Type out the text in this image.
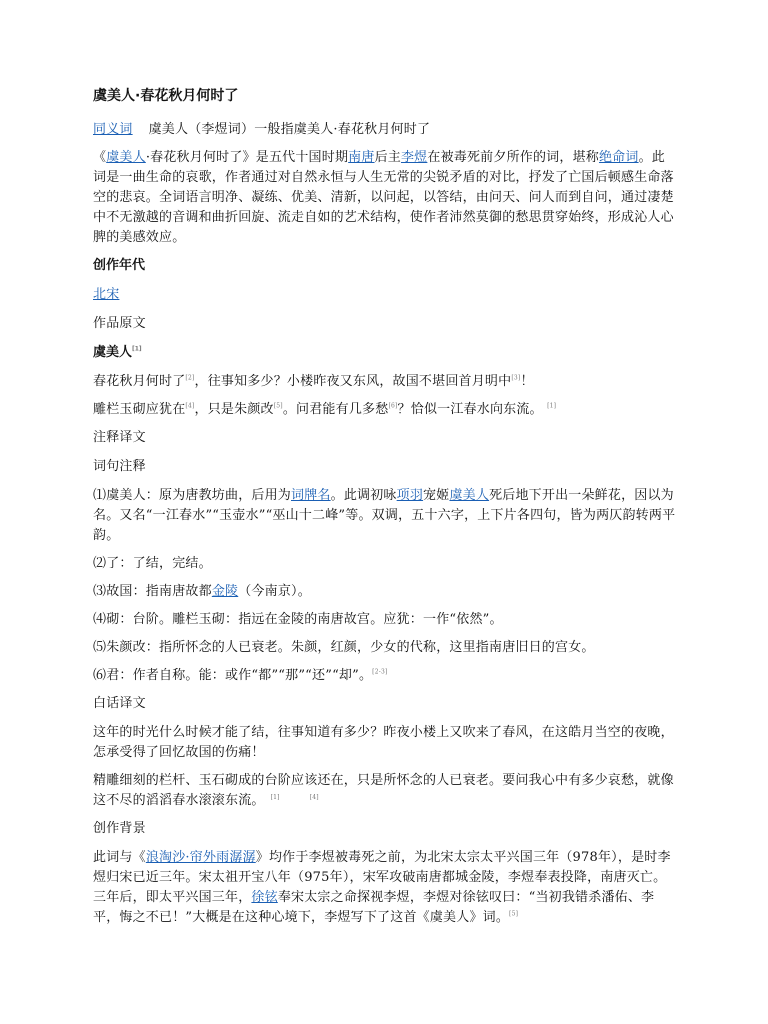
虞美人·春花秋月何时了

同义词 虞美人（李煜词）一般指虞美人·春花秋月何时了

《虞美人·春花秋月何时了》是五代十国时期南唐后主李煜在被毒死前夕所作的词，堪称绝命词。此词是一曲生命的哀歌，作者通过对自然永恒与人生无常的尖锐矛盾的对比，抒发了亡国后顿感生命落空的悲哀。全词语言明净、凝练、优美、清新，以问起，以答结，由问天、问人而到自问，通过凄楚中不无激越的音调和曲折回旋、流走自如的艺术结构，使作者沛然莫御的愁思贯穿始终，形成沁人心脾的美感效应。

创作年代

北宋

作品原文

虞美人[1]

春花秋月何时了[2]，往事知多少？小楼昨夜又东风，故国不堪回首月明中[3]！

雕栏玉砌应犹在[4]，只是朱颜改[5]。问君能有几多愁[6]？恰似一江春水向东流。 [1]

注释译文

词句注释

⑴虞美人：原为唐教坊曲，后用为词牌名。此调初咏项羽宠姬虞美人死后地下开出一朵鲜花，因以为名。又名“一江春水”“玉壶水”“巫山十二峰”等。双调，五十六字，上下片各四句，皆为两仄韵转两平韵。

⑵了：了结，完结。

⑶故国：指南唐故都金陵（今南京）。

⑷砌：台阶。雕栏玉砌：指远在金陵的南唐故宫。应犹：一作“依然”。

⑸朱颜改：指所怀念的人已衰老。朱颜，红颜，少女的代称，这里指南唐旧日的宫女。

⑹君：作者自称。能：或作“都”“那”“还”“却”。[2-3]

白话译文

这年的时光什么时候才能了结，往事知道有多少？昨夜小楼上又吹来了春风，在这皓月当空的夜晚，怎承受得了回忆故国的伤痛！

精雕细刻的栏杆、玉石砌成的台阶应该还在，只是所怀念的人已衰老。要问我心中有多少哀愁，就像这不尽的滔滔春水滚滚东流。 [1]	[4]

创作背景

此词与《浪淘沙·帘外雨潺潺》均作于李煜被毒死之前，为北宋太宗太平兴国三年（978年），是时李煜归宋已近三年。宋太祖开宝八年（975年），宋军攻破南唐都城金陵，李煜奉表投降，南唐灭亡。三年后，即太平兴国三年，徐铉奉宋太宗之命探视李煜，李煜对徐铉叹曰：“当初我错杀潘佑、李平，悔之不已！”大概是在这种心境下，李煜写下了这首《虞美人》词。[5]
